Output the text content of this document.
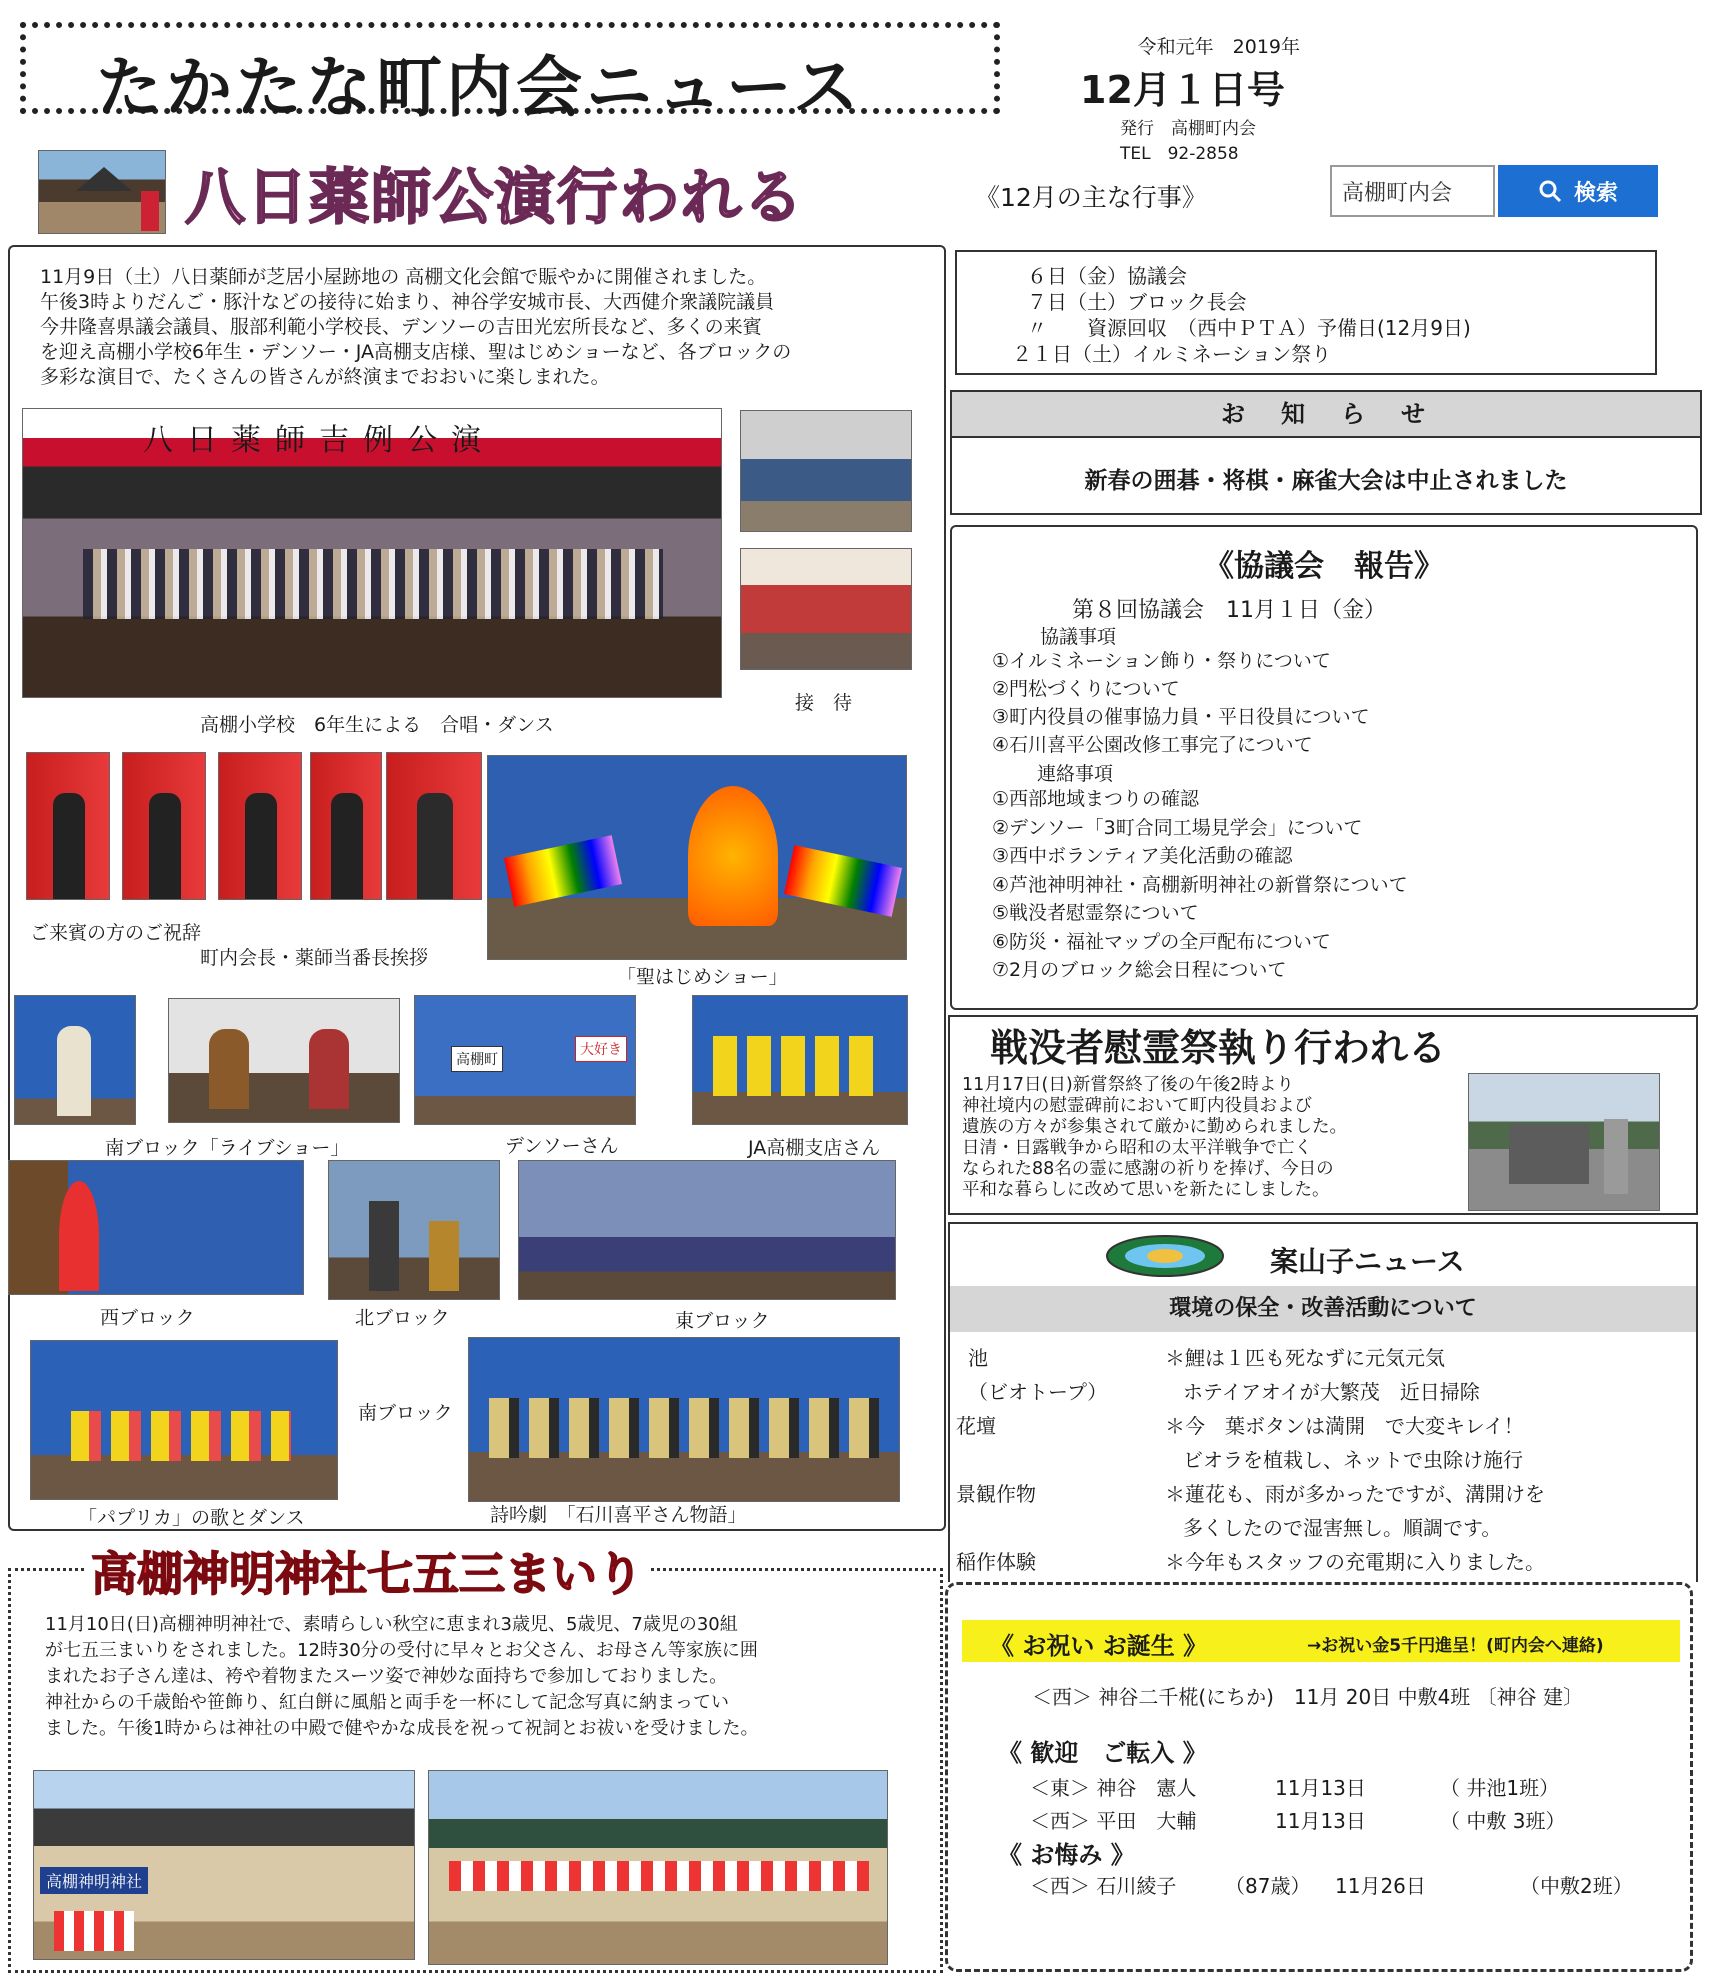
たかたな町内会ニュース
令和元年　2019年
12月１日号
発行　高棚町内会
TEL　92-2858
八日薬師公演行われる	《12月の主な行事》
高棚町内会	検索
11月9日（土）八日薬師が芝居小屋跡地の 高棚文化会館で賑やかに開催されました。
午後3時よりだんご・豚汁などの接待に始まり、神谷学安城市長、大西健介衆議院議員
今井隆喜県議会議員、服部利範小学校長、デンソーの吉田光宏所長など、多くの来賓
を迎え高棚小学校6年生・デンソー・JA高棚支店様、聖はじめショーなど、各ブロックの
多彩な演目で、たくさんの皆さんが終演までおおいに楽しまれた。
八日薬師吉例公演
高棚小学校　6年生による　合唱・ダンス
接　待
ご来賓の方のご祝辞
町内会長・薬師当番長挨拶
「聖はじめショー」
高棚町
大好き
南ブロック「ライブショー」	デンソーさん	JA高棚支店さん
西ブロック	北ブロック	東ブロック
南ブロック
「パプリカ」の歌とダンス	詩吟劇　「石川喜平さん物語」
６日（金）協議会
７日（土）ブロック長会
〃　　資源回収　（西中ＰＴＡ）予備日(12月9日)
２１日（土）イルミネーション祭り
お　知　ら　せ
新春の囲碁・将棋・麻雀大会は中止されました
《協議会　報告》
第８回協議会　11月１日（金）
協議事項
①イルミネーション飾り・祭りについて
②門松づくりについて
③町内役員の催事協力員・平日役員について
④石川喜平公園改修工事完了について
連絡事項
①西部地域まつりの確認
②デンソー「3町合同工場見学会」について
③西中ボランティア美化活動の確認
④芦池神明神社・高棚新明神社の新嘗祭について
⑤戦没者慰霊祭について
⑥防災・福祉マップの全戸配布について
⑦2月のブロック総会日程について
戦没者慰霊祭執り行われる
11月17日(日)新嘗祭終了後の午後2時より
神社境内の慰霊碑前において町内役員および
遺族の方々が参集されて厳かに勤められました。
日清・日露戦争から昭和の太平洋戦争で亡く
なられた88名の霊に感謝の祈りを捧げ、今日の
平和な暮らしに改めて思いを新たにしました。
案山子ニュース
環境の保全・改善活動について
池	＊鯉は１匹も死なずに元気元気
（ビオトープ）	ホテイアオイが大繁茂　近日掃除
花壇	＊今　葉ボタンは満開　で大変キレイ！
ビオラを植栽し、ネットで虫除け施行
景観作物	＊蓮花も、雨が多かったですが、溝開けを
多くしたので湿害無し。順調です。
稲作体験	＊今年もスタッフの充電期に入りました。
高棚神明神社七五三まいり
11月10日(日)高棚神明神社で、素晴らしい秋空に恵まれ3歳児、5歳児、7歳児の30組
が七五三まいりをされました。12時30分の受付に早々とお父さん、お母さん等家族に囲
まれたお子さん達は、袴や着物またスーツ姿で神妙な面持ちで参加しておりました。
神社からの千歳飴や笹飾り、紅白餅に風船と両手を一杯にして記念写真に納まってい
ました。午後1時からは神社の中殿で健やかな成長を祝って祝詞とお祓いを受けました。
高棚神明神社
《 お祝い お誕生 》	→お祝い金5千円進呈！(町内会へ連絡)
＜西＞ 神谷二千椛(にちか)　11月 20日 中敷4班 〔神谷 建〕
《 歓迎　ご転入 》
＜東＞ 神谷　憲人	11月13日	（ 井池1班）
＜西＞ 平田　大輔	11月13日	（ 中敷 3班）
《 お悔み 》
＜西＞ 石川綾子 （87歳） 11月26日	（中敷2班）
